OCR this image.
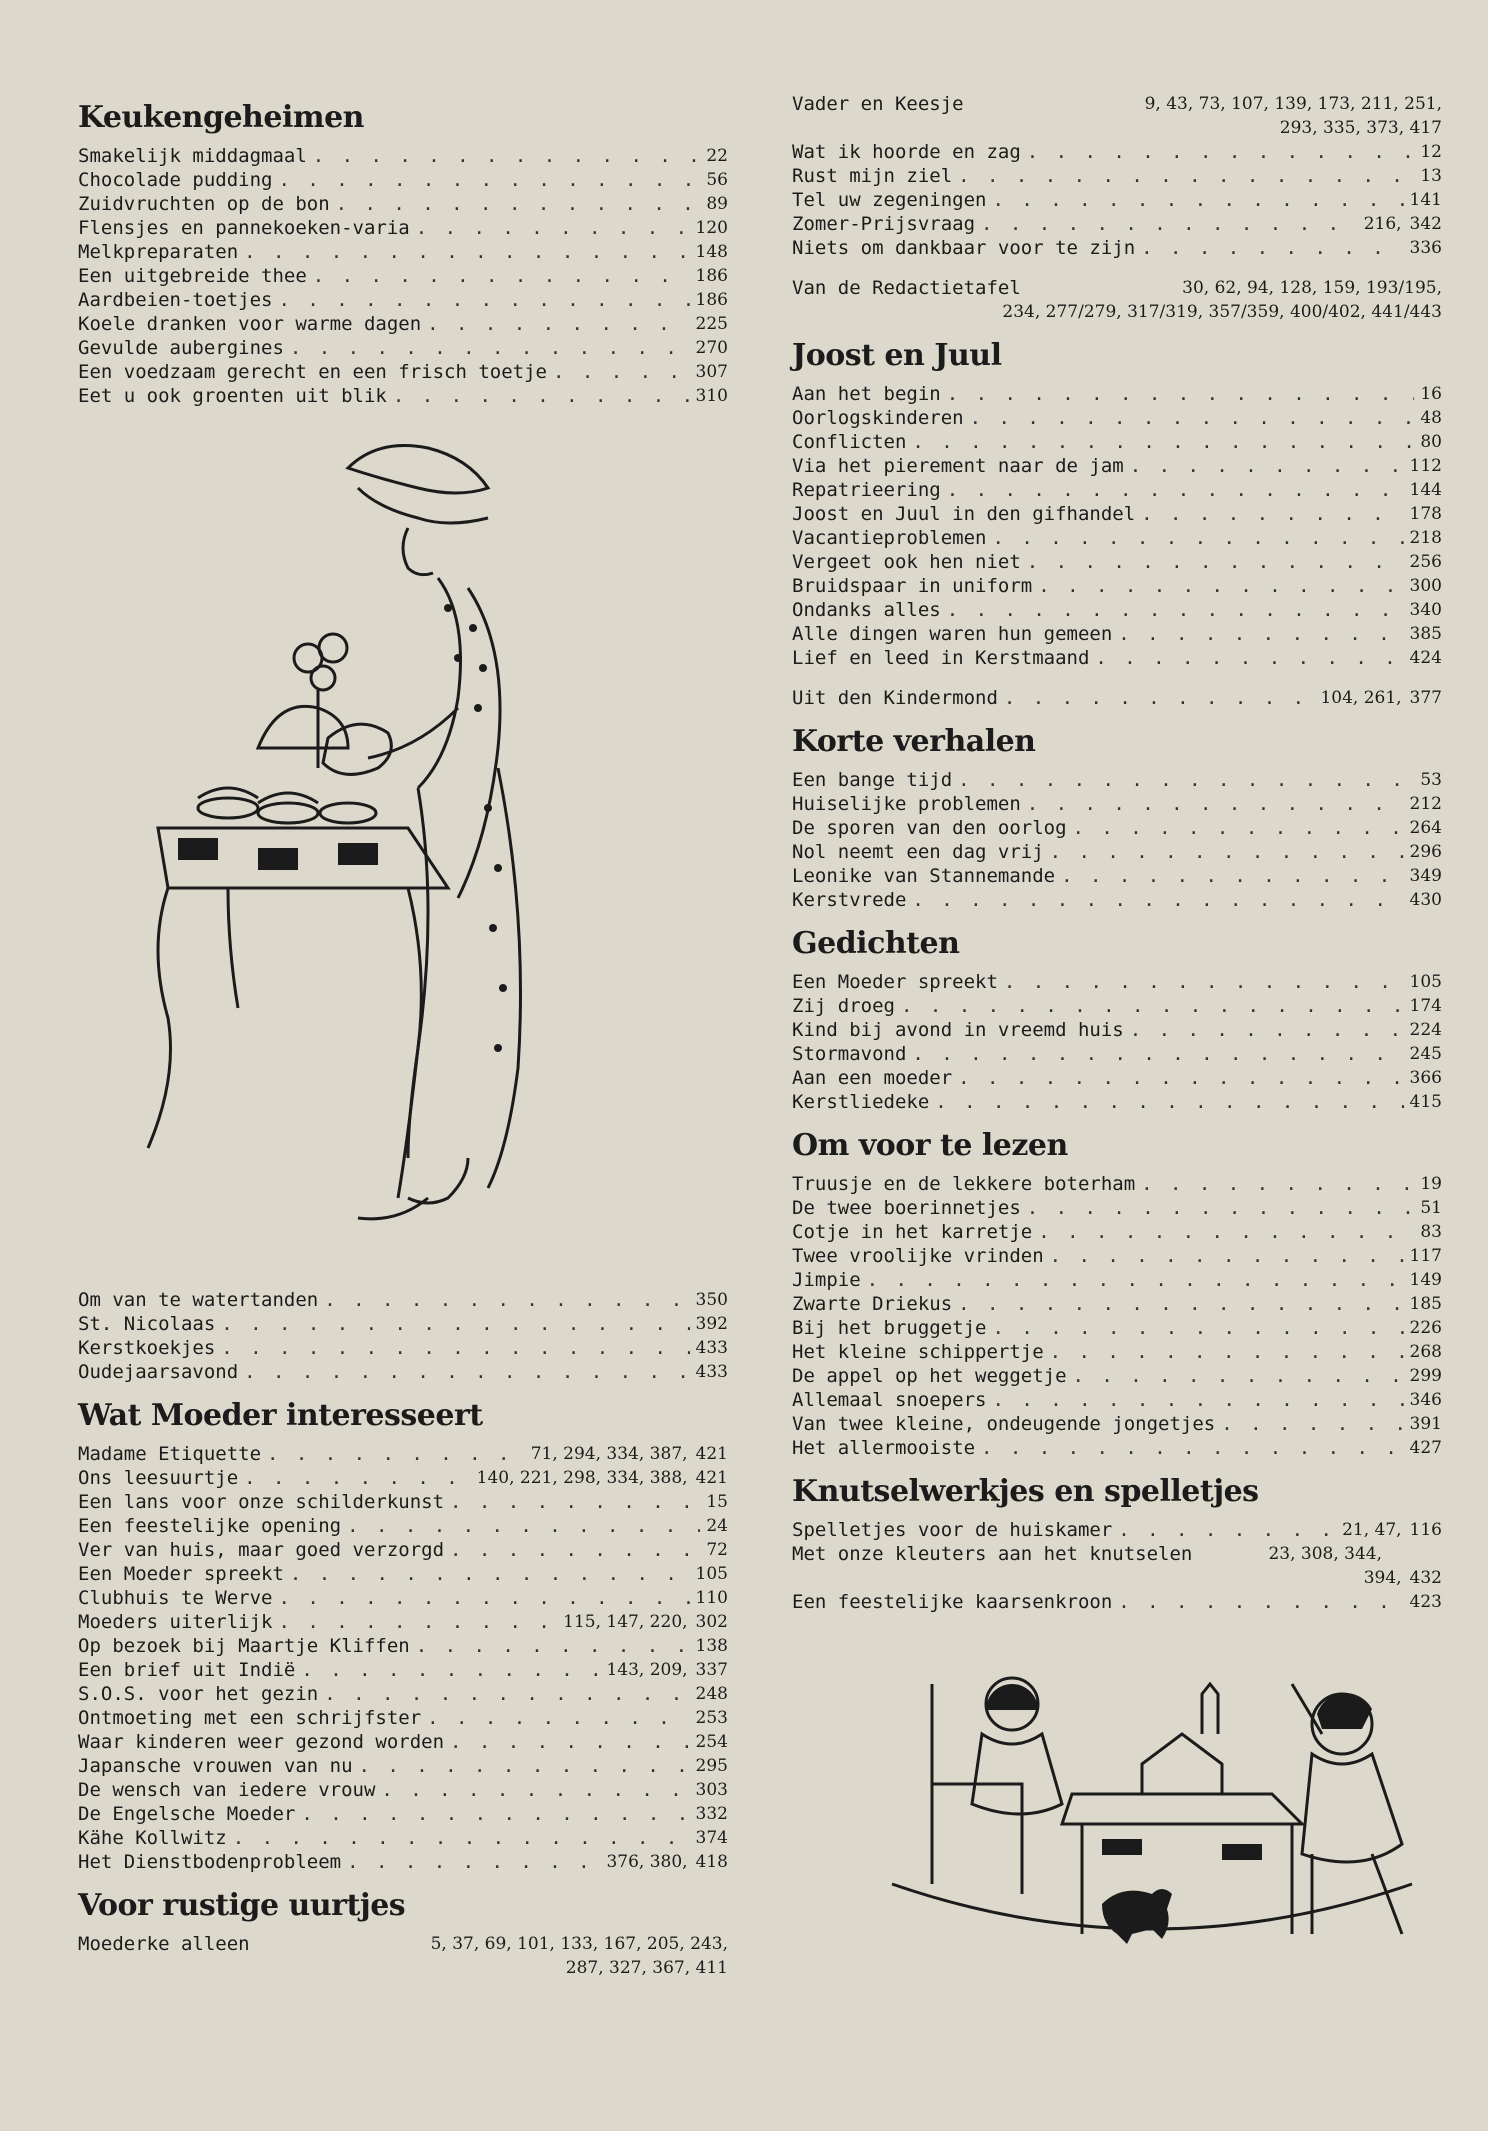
Keukengeheimen
Smakelijk middagmaal . . .	22
Chocolade pudding . . .	56
Zuidvruchten op de bon . . .	89
Flensjes en pannekoeken-varia . . .	120
Melkpreparaten . . .	148
Een uitgebreide thee . . .	186
Aardbeien-toetjes . . .	186
Koele dranken voor warme dagen . . .	225
Gevulde aubergines . . .	270
Een voedzaam gerecht en een frisch toetje . . .	307
Eet u ook groenten uit blik . . .	310
Om van te watertanden . . .	350
St. Nicolaas . . .	392
Kerstkoekjes . . .	433
Oudejaarsavond . . .	433
Wat Moeder interesseert
Madame Etiquette . . .	71, 294, 334, 387, 421
Ons leesuurtje . . .	140, 221, 298, 334, 388, 421
Een lans voor onze schilderkunst . . .	15
Een feestelijke opening . . .	24
Ver van huis, maar goed verzorgd . . .	72
Een Moeder spreekt . . .	105
Clubhuis te Werve . . .	110
Moeders uiterlijk . . .	115, 147, 220, 302
Op bezoek bij Maartje Kliffen . . .	138
Een brief uit Indië . . .	143, 209, 337
S.O.S. voor het gezin . . .	248
Ontmoeting met een schrijfster . . .	253
Waar kinderen weer gezond worden . . .	254
Japansche vrouwen van nu . . .	295
De wensch van iedere vrouw . . .	303
De Engelsche Moeder . . .	332
Kähe Kollwitz . . .	374
Het Dienstbodenprobleem . . .	376, 380, 418
Voor rustige uurtjes
Moederke alleen	5, 37, 69, 101, 133, 167, 205, 243,
287, 327, 367, 411
Vader en Keesje	9, 43, 73, 107, 139, 173, 211, 251,
293, 335, 373, 417
Wat ik hoorde en zag . . .	12
Rust mijn ziel . . .	13
Tel uw zegeningen . . .	141
Zomer-Prijsvraag . . .	216, 342
Niets om dankbaar voor te zijn . . .	336
Van de Redactietafel	30, 62, 94, 128, 159, 193/195,
234, 277/279, 317/319, 357/359, 400/402, 441/443
Joost en Juul
Aan het begin . . .	16
Oorlogskinderen . . .	48
Conflicten . . .	80
Via het pierement naar de jam . . .	112
Repatrieering . . .	144
Joost en Juul in den gifhandel . . .	178
Vacantieproblemen . . .	218
Vergeet ook hen niet . . .	256
Bruidspaar in uniform . . .	300
Ondanks alles . . .	340
Alle dingen waren hun gemeen . . .	385
Lief en leed in Kerstmaand . . .	424
Uit den Kindermond . . .	104, 261, 377
Korte verhalen
Een bange tijd . . .	53
Huiselijke problemen . . .	212
De sporen van den oorlog . . .	264
Nol neemt een dag vrij . . .	296
Leonike van Stannemande . . .	349
Kerstvrede . . .	430
Gedichten
Een Moeder spreekt . . .	105
Zij droeg . . .	174
Kind bij avond in vreemd huis . . .	224
Stormavond . . .	245
Aan een moeder . . .	366
Kerstliedeke . . .	415
Om voor te lezen
Truusje en de lekkere boterham . . .	19
De twee boerinnetjes . . .	51
Cotje in het karretje . . .	83
Twee vroolijke vrinden . . .	117
Jimpie . . .	149
Zwarte Driekus . . .	185
Bij het bruggetje . . .	226
Het kleine schippertje . . .	268
De appel op het weggetje . . .	299
Allemaal snoepers . . .	346
Van twee kleine, ondeugende jongetjes . . .	391
Het allermooiste . . .	427
Knutselwerkjes en spelletjes
Spelletjes voor de huiskamer . . .	21, 47, 116
Met onze kleuters aan het knutselen	23, 308, 344,
394, 432
Een feestelijke kaarsenkroon . . .	423
